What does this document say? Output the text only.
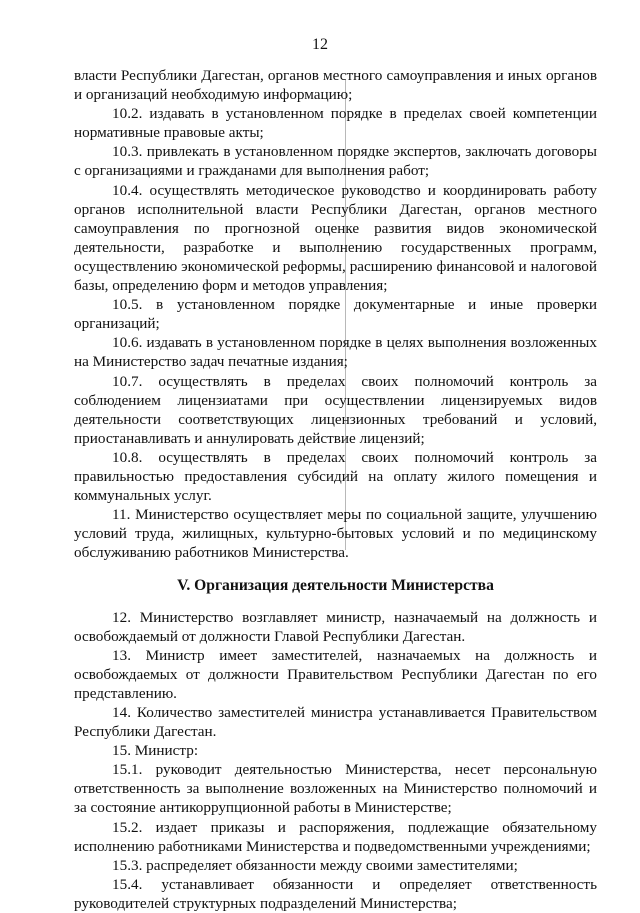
12

власти Республики Дагестан, органов местного самоуправления и иных органов и организаций необходимую информацию;

10.2. издавать в установленном порядке в пределах своей компетенции нормативные правовые акты;

10.3. привлекать в установленном порядке экспертов, заключать договоры с организациями и гражданами для выполнения работ;

10.4. осуществлять методическое руководство и координировать работу органов исполнительной власти Республики Дагестан, органов местного самоуправления по прогнозной оценке развития видов экономической деятельности, разработке и выполнению государственных программ, осуществлению экономической реформы, расширению финансовой и налоговой базы, определению форм и методов управления;

10.5. в установленном порядке документарные и иные проверки организаций;

10.6. издавать в установленном порядке в целях выполнения возложенных на Министерство задач печатные издания;

10.7. осуществлять в пределах своих полномочий контроль за соблюдением лицензиатами при осуществлении лицензируемых видов деятельности соответствующих лицензионных требований и условий, приостанавливать и аннулировать действие лицензий;

10.8. осуществлять в пределах своих полномочий контроль за правильностью предоставления субсидий на оплату жилого помещения и коммунальных услуг.

11. Министерство осуществляет меры по социальной защите, улучшению условий труда, жилищных, культурно-бытовых условий и по медицинскому обслуживанию работников Министерства.

V. Организация деятельности Министерства

12. Министерство возглавляет министр, назначаемый на должность и освобождаемый от должности Главой Республики Дагестан.

13. Министр имеет заместителей, назначаемых на должность и освобождаемых от должности Правительством Республики Дагестан по его представлению.

14. Количество заместителей министра устанавливается Правительством Республики Дагестан.

15. Министр:

15.1. руководит деятельностью Министерства, несет персональную ответственность за выполнение возложенных на Министерство полномочий и за состояние антикоррупционной работы в Министерстве;

15.2. издает приказы и распоряжения, подлежащие обязательному исполнению работниками Министерства и подведомственными учреждениями;

15.3. распределяет обязанности между своими заместителями;

15.4. устанавливает обязанности и определяет ответственность руководителей структурных подразделений Министерства;
